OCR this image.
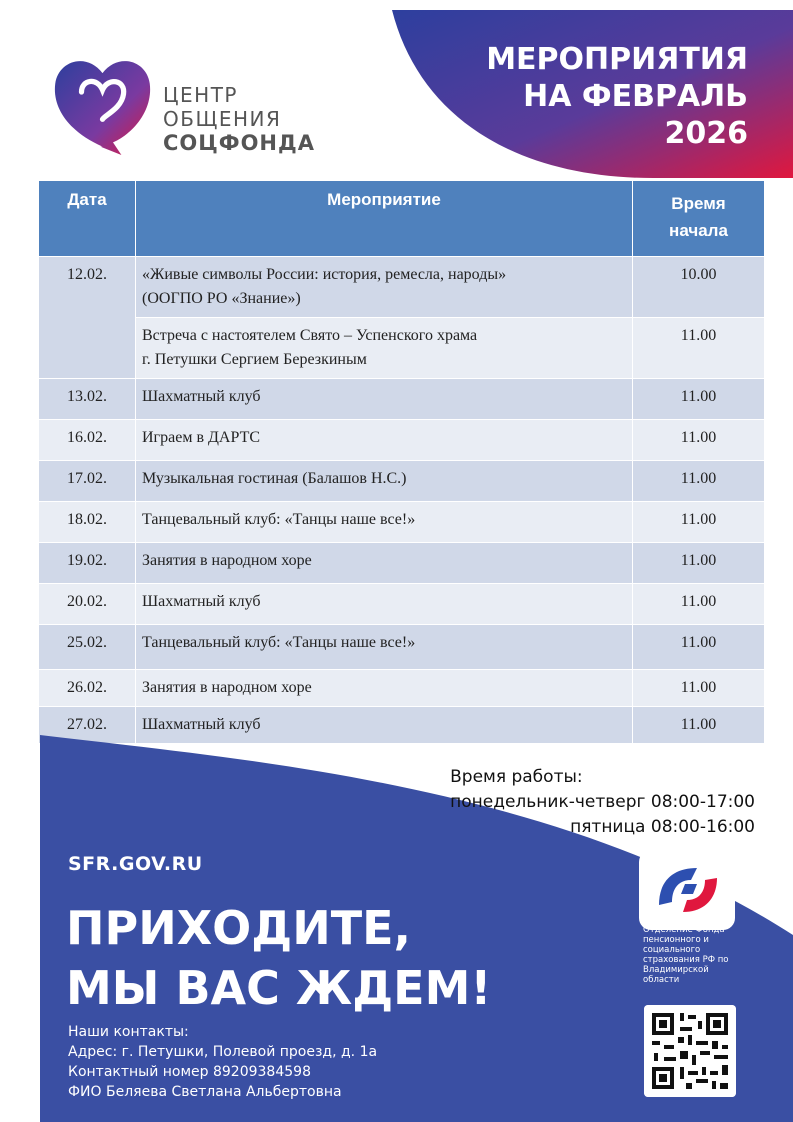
ЦЕНТР
ОБЩЕНИЯ
СОЦФОНДА
МЕРОПРИЯТИЯ
НА ФЕВРАЛЬ
2026
Дата	Мероприятие	Время
начала
12.02.	«Живые символы России: история, ремесла, народы»
(ООГПО РО «Знание»)	10.00
	Встреча с настоятелем Свято – Успенского храма
г. Петушки Сергием Березкиным	11.00
13.02.	Шахматный клуб	11.00
16.02.	Играем в ДАРТС	11.00
17.02.	Музыкальная гостиная (Балашов Н.С.)	11.00
18.02.	Танцевальный клуб: «Танцы наше все!»	11.00
19.02.	Занятия в народном хоре	11.00
20.02.	Шахматный клуб	11.00
25.02.	Танцевальный клуб: «Танцы наше все!»	11.00
26.02.	Занятия в народном хоре	11.00
27.02.	Шахматный клуб	11.00
Время работы:
понедельник-четверг 08:00-17:00
пятница 08:00-16:00
SFR.GOV.RU
ПРИХОДИТЕ,
МЫ ВАС ЖДЕМ!
Наши контакты:
Адрес: г. Петушки, Полевой проезд, д. 1а
Контактный номер 89209384598
ФИО Беляева Светлана Альбертовна
Отделение Фонда пенсионного и социального страхования РФ по Владимирской области
